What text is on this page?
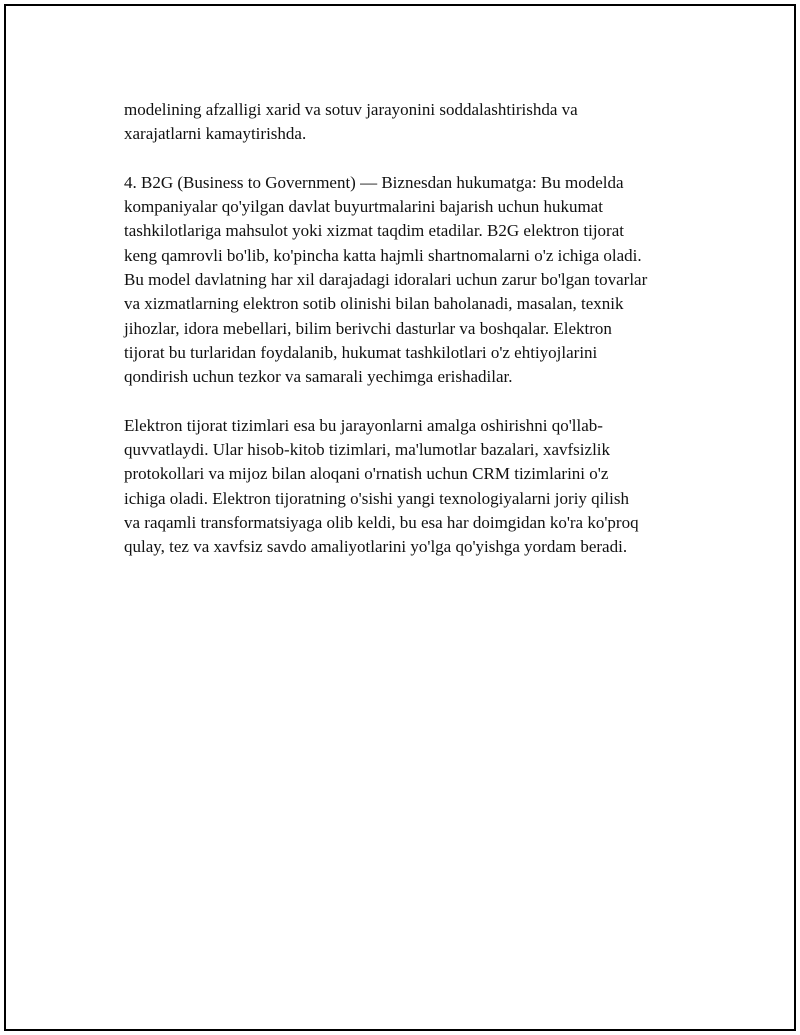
modelining afzalligi xarid va sotuv jarayonini soddalashtirishda va
xarajatlarni kamaytirishda.

4. B2G (Business to Government) — Biznesdan hukumatga: Bu modelda
kompaniyalar qo'yilgan davlat buyurtmalarini bajarish uchun hukumat
tashkilotlariga mahsulot yoki xizmat taqdim etadilar. B2G elektron tijorat
keng qamrovli bo'lib, ko'pincha katta hajmli shartnomalarni o'z ichiga oladi.
Bu model davlatning har xil darajadagi idoralari uchun zarur bo'lgan tovarlar
va xizmatlarning elektron sotib olinishi bilan baholanadi, masalan, texnik
jihozlar, idora mebellari, bilim berivchi dasturlar va boshqalar. Elektron
tijorat bu turlaridan foydalanib, hukumat tashkilotlari o'z ehtiyojlarini
qondirish uchun tezkor va samarali yechimga erishadilar.

Elektron tijorat tizimlari esa bu jarayonlarni amalga oshirishni qo'llab-
quvvatlaydi. Ular hisob-kitob tizimlari, ma'lumotlar bazalari, xavfsizlik
protokollari va mijoz bilan aloqani o'rnatish uchun CRM tizimlarini o'z
ichiga oladi. Elektron tijoratning o'sishi yangi texnologiyalarni joriy qilish
va raqamli transformatsiyaga olib keldi, bu esa har doimgidan ko'ra ko'proq
qulay, tez va xavfsiz savdo amaliyotlarini yo'lga qo'yishga yordam beradi.
